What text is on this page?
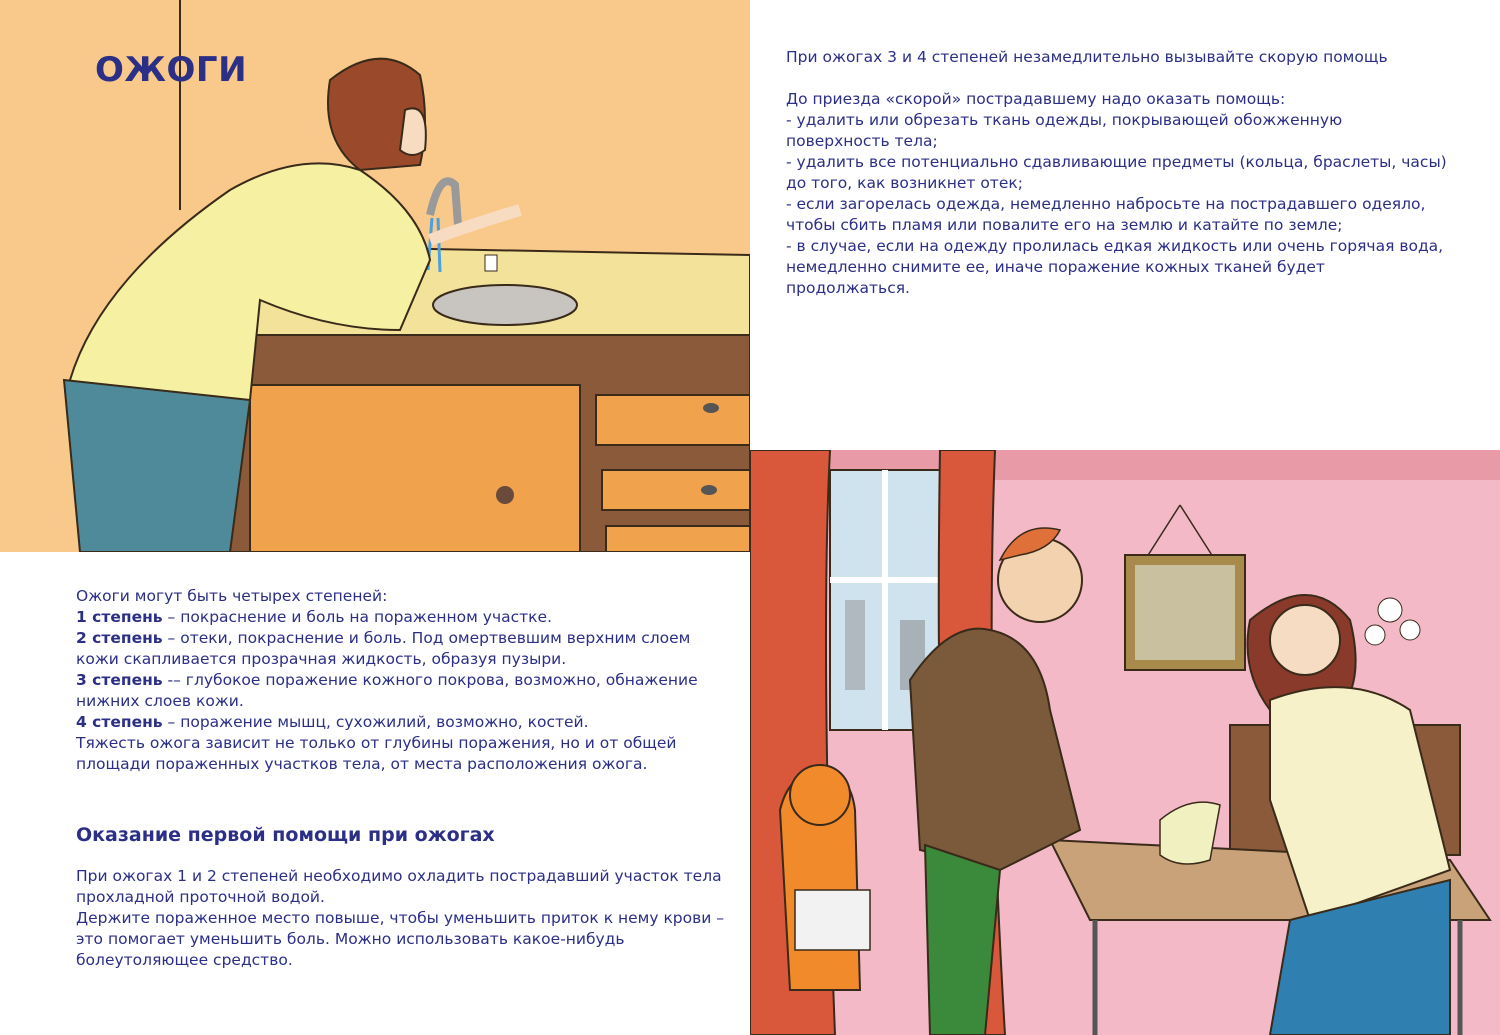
ОЖОГИ	При ожогах 3 и 4 степеней незамедлительно вызывайте скорую помощь

До приезда «скорой» пострадавшему надо оказать помощь:

- удалить или обрезать ткань одежды, покрывающей обожженную

поверхность тела;

- удалить все потенциально сдавливающие предметы (кольца, браслеты, часы)

до того, как возникнет отек;

- если загорелась одежда, немедленно набросьте на пострадавшего одеяло,

чтобы сбить пламя или повалите его на землю и катайте по земле;

- в случае, если на одежду пролилась едкая жидкость или очень горячая вода,

немедленно снимите ее, иначе поражение кожных тканей будет

продолжаться.

Ожоги могут быть четырех степеней:

1 степень – покраснение и боль на пораженном участке.

2 степень – отеки, покраснение и боль. Под омертвевшим верхним слоем

кожи скапливается прозрачная жидкость, образуя пузыри.

3 степень -– глубокое поражение кожного покрова, возможно, обнажение

нижних слоев кожи.

4 степень – поражение мышц, сухожилий, возможно, костей.

Тяжесть ожога зависит не только от глубины поражения, но и от общей

площади пораженных участков тела, от места расположения ожога.

Оказание первой помощи при ожогах

При ожогах 1 и 2 степеней необходимо охладить пострадавший участок тела

прохладной проточной водой.

Держите пораженное место повыше, чтобы уменьшить приток к нему крови –

это помогает уменьшить боль. Можно использовать какое-нибудь

болеутоляющее средство.
